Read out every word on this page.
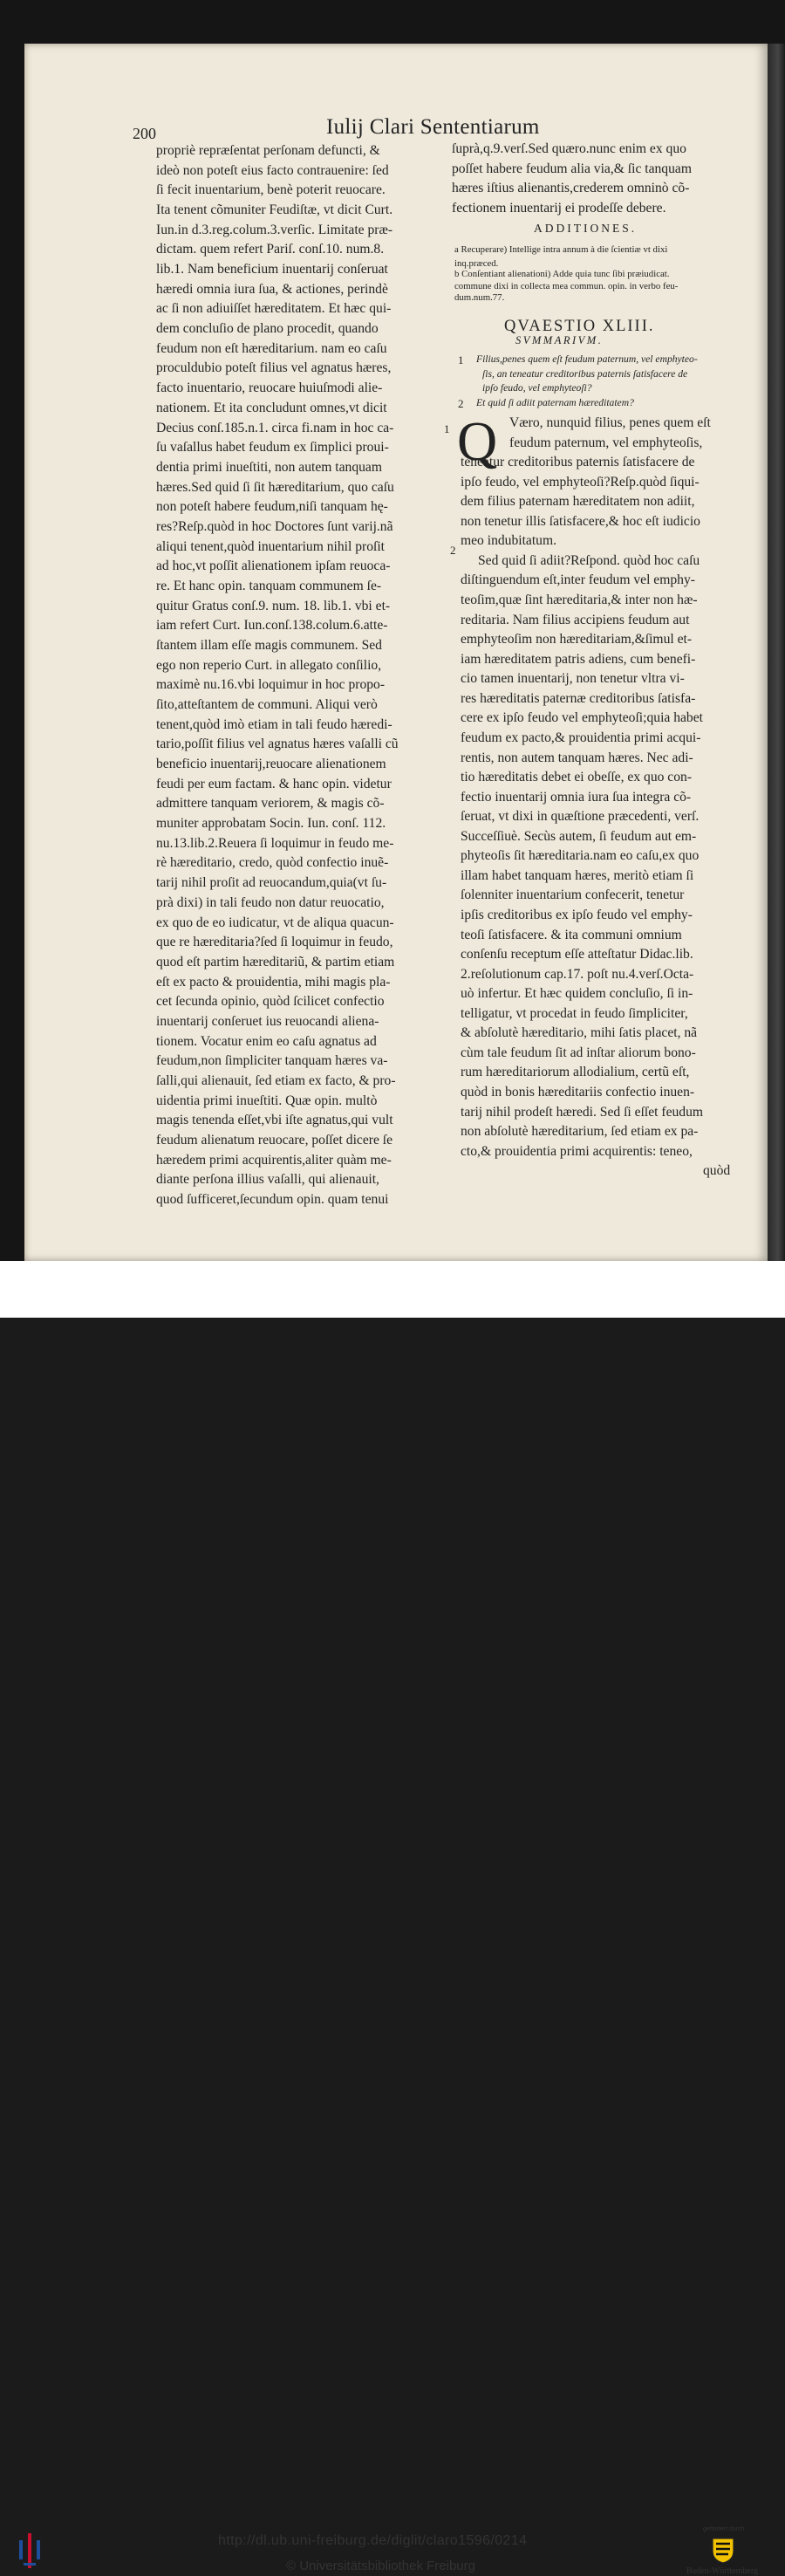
200	Iulij Clari Sententiarum
propriè repræſentat perſonam defuncti, &
ideò non poteſt eius facto contrauenire: ſed
ſi fecit inuentarium, benè poterit reuocare.
Ita tenent cõmuniter Feudiſtæ, vt dicit Curt.
Iun.in d.3.reg.colum.3.verſic. Limitate præ-
dictam. quem refert Pariſ. conſ.10. num.8.
lib.1. Nam beneficium inuentarij conſeruat
hæredi omnia iura ſua, & actiones, perindè
ac ſi non adiuiſſet hæreditatem. Et hæc qui-
dem concluſio de plano procedit, quando
feudum non eſt hæreditarium. nam eo caſu
proculdubio poteſt filius vel agnatus hæres,
facto inuentario, reuocare huiuſmodi alie-
nationem. Et ita concludunt omnes,vt dicit
Decius conſ.185.n.1. circa fi.nam in hoc ca-
ſu vaſallus habet feudum ex ſimplici proui-
dentia primi inueſtiti, non autem tanquam
hæres.Sed quid ſi ſit hæreditarium, quo caſu
non poteſt habere feudum,niſi tanquam hę-
res?Reſp.quòd in hoc Doctores ſunt varij.nã
aliqui tenent,quòd inuentarium nihil proſit
ad hoc,vt poſſit alienationem ipſam reuoca-
re. Et hanc opin. tanquam communem ſe-
quitur Gratus conſ.9. num. 18. lib.1. vbi et-
iam refert Curt. Iun.conſ.138.colum.6.atte-
ſtantem illam eſſe magis communem. Sed
ego non reperio Curt. in allegato conſilio,
maximè nu.16.vbi loquimur in hoc propo-
ſito,atteſtantem de communi. Aliqui verò
tenent,quòd imò etiam in tali feudo hæredi-
tario,poſſit filius vel agnatus hæres vaſalli cũ
beneficio inuentarij,reuocare alienationem
feudi per eum factam. & hanc opin. videtur
admittere tanquam veriorem, & magis cõ-
muniter approbatam Socin. Iun. conſ. 112.
nu.13.lib.2.Reuera ſi loquimur in feudo me-
rè hæreditario, credo, quòd confectio inuẽ-
tarij nihil proſit ad reuocandum,quia(vt ſu-
prà dixi) in tali feudo non datur reuocatio,
ex quo de eo iudicatur, vt de aliqua quacun-
que re hæreditaria?ſed ſi loquimur in feudo,
quod eſt partim hæreditariũ, & partim etiam
eſt ex pacto & prouidentia, mihi magis pla-
cet ſecunda opinio, quòd ſcilicet confectio
inuentarij conſeruet ius reuocandi aliena-
tionem. Vocatur enim eo caſu agnatus ad
feudum,non ſimpliciter tanquam hæres va-
ſalli,qui alienauit, ſed etiam ex facto, & pro-
uidentia primi inueſtiti. Quæ opin. multò
magis tenenda eſſet,vbi iſte agnatus,qui vult
feudum alienatum reuocare, poſſet dicere ſe
hæredem primi acquirentis,aliter quàm me-
diante perſona illius vaſalli, qui alienauit,
quod ſufficeret,ſecundum opin. quam tenui
ADDITIONES.
QVAESTIO XLIII.
SVMMARIVM.
Q
ſuprà,q.9.verſ.Sed quæro.nunc enim ex quo
poſſet habere feudum alia via,& ſic tanquam
hæres iſtius alienantis,crederem omninò cõ-
fectionem inuentarij ei prodeſſe debere.
a Recuperare) Intellige intra annum à die ſcientiæ vt dixi
inq.præced.
b Conſentiant alienationi) Adde quia tunc ſibi præiudicat.
commune dixi in collecta mea commun. opin. in verbo feu-
dum.num.77.
1 Filius,penes quem eſt feudum paternum, vel emphyteo-
ſis, an teneatur creditoribus paternis ſatisfacere de
ipſo feudo, vel emphyteoſi?
2 Et quid ſi adiit paternam hæreditatem?
Værо, nunquid filius, penes quem eſt
feudum paternum, vel emphyteoſis,
teneatur creditoribus paternis ſatisfacere de
ipſo feudo, vel emphyteoſi?Reſp.quòd ſiqui-
dem filius paternam hæreditatem non adiit,
non tenetur illis ſatisfacere,& hoc eſt iudicio
meo indubitatum.
Sed quid ſi adiit?Reſpond. quòd hoc caſu
diſtinguendum eſt,inter feudum vel emphy-
teoſim,quæ ſint hæreditaria,& inter non hæ-
reditaria. Nam filius accipiens feudum aut
emphyteoſim non hæreditariam,&ſimul et-
iam hæreditatem patris adiens, cum benefi-
cio tamen inuentarij, non tenetur vltra vi-
res hæreditatis paternæ creditoribus ſatisfa-
cere ex ipſo feudo vel emphyteoſi;quia habet
feudum ex pacto,& prouidentia primi acqui-
rentis, non autem tanquam hæres. Nec adi-
tio hæreditatis debet ei obeſſe, ex quo con-
fectio inuentarij omnia iura ſua integra cõ-
ſeruat, vt dixi in quæſtione præcedenti, verſ.
Succeſſiuè. Secùs autem, ſi feudum aut em-
phyteoſis ſit hæreditaria.nam eo caſu,ex quo
illam habet tanquam hæres, meritò etiam ſi
ſolenniter inuentarium confecerit, tenetur
ipſis creditoribus ex ipſo feudo vel emphy-
teoſi ſatisfacere. & ita communi omnium
conſenſu receptum eſſe atteſtatur Didac.lib.
2.reſolutionum cap.17. poſt nu.4.verſ.Octa-
uò infertur. Et hæc quidem concluſio, ſi in-
telligatur, vt procedat in feudo ſimpliciter,
& abſolutè hæreditario, mihi ſatis placet, nã
cùm tale feudum ſit ad inſtar aliorum bono-
rum hæreditariorum allodialium, certũ eſt,
quòd in bonis hæreditariis confectio inuen-
tarij nihil prodeſt hæredi. Sed ſi eſſet feudum
non abſolutè hæreditarium, ſed etiam ex pa-
cto,& prouidentia primi acquirentis: teneo,
quòd
1
2
http://dl.ub.uni-freiburg.de/diglit/claro1596/0214
© Universitätsbibliothek Freiburg
gefördert durch
Baden-Württemberg
